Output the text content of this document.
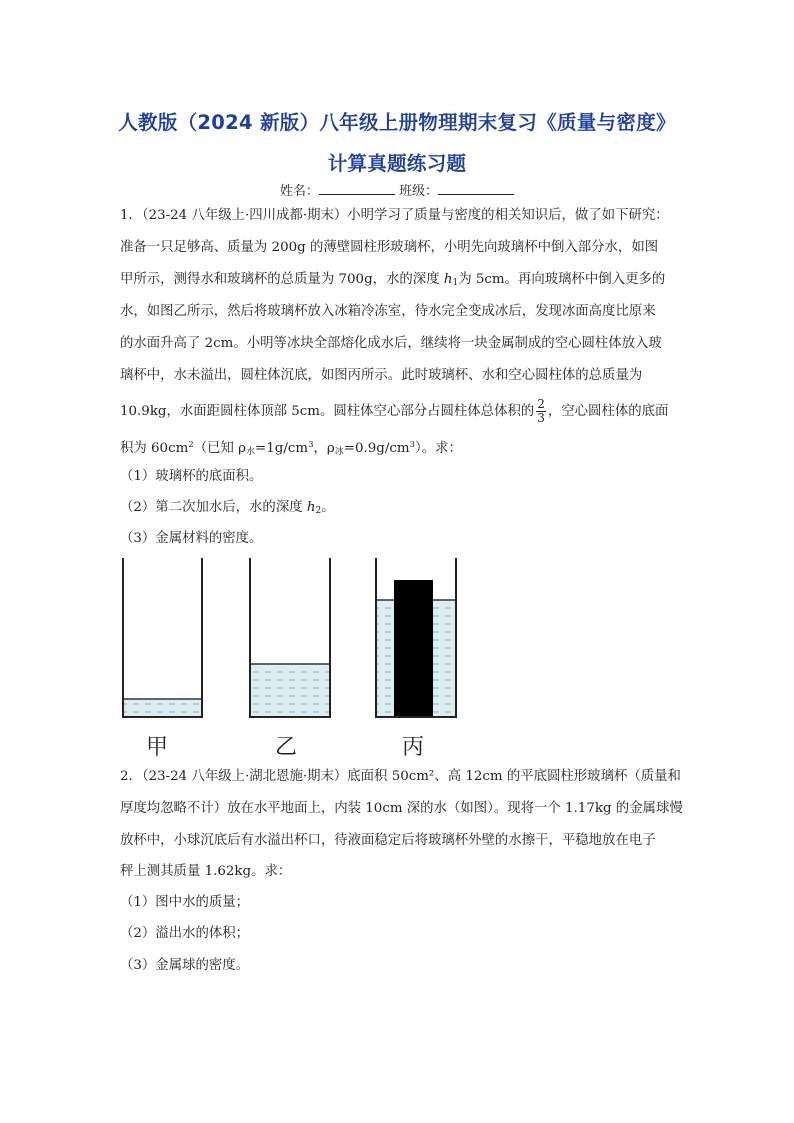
人教版（2024 新版）八年级上册物理期末复习《质量与密度》
计算真题练习题
姓名：	班级：
1．（23-24 八年级上·四川成都·期末）小明学习了质量与密度的相关知识后，做了如下研究：
准备一只足够高、质量为 200g 的薄壁圆柱形玻璃杯，小明先向玻璃杯中倒入部分水，如图
甲所示，测得水和玻璃杯的总质量为 700g，水的深度 $h_1$为 5cm。再向玻璃杯中倒入更多的
水，如图乙所示，然后将玻璃杯放入冰箱冷冻室，待水完全变成冰后，发现冰面高度比原来
的水面升高了 2cm。小明等冰块全部熔化成水后，继续将一块金属制成的空心圆柱体放入玻
璃杯中，水未溢出，圆柱体沉底，如图丙所示。此时玻璃杯、水和空心圆柱体的总质量为
10.9kg，水面距圆柱体顶部 5cm。圆柱体空心部分占圆柱体总体积的 $\frac{2}{3}$ ，空心圆柱体的底面
积为 $60cm^2$（已知 $\rho_水=1g/cm^3$，$\rho_冰=0.9g/cm^3$）。求：
（1）玻璃杯的底面积。
（2）第二次加水后，水的深度 $h_2$。
（3）金属材料的密度。
甲	乙	丙
2．（23-24 八年级上·湖北恩施·期末）底面积 50cm²、高 12cm 的平底圆柱形玻璃杯（质量和
厚度均忽略不计）放在水平地面上，内装 10cm 深的水（如图）。现将一个 1.17kg 的金属球慢
放杯中，小球沉底后有水溢出杯口，待液面稳定后将玻璃杯外壁的水擦干，平稳地放在电子
秤上测其质量 1.62kg。求：
（1）图中水的质量；
（2）溢出水的体积；
（3）金属球的密度。
